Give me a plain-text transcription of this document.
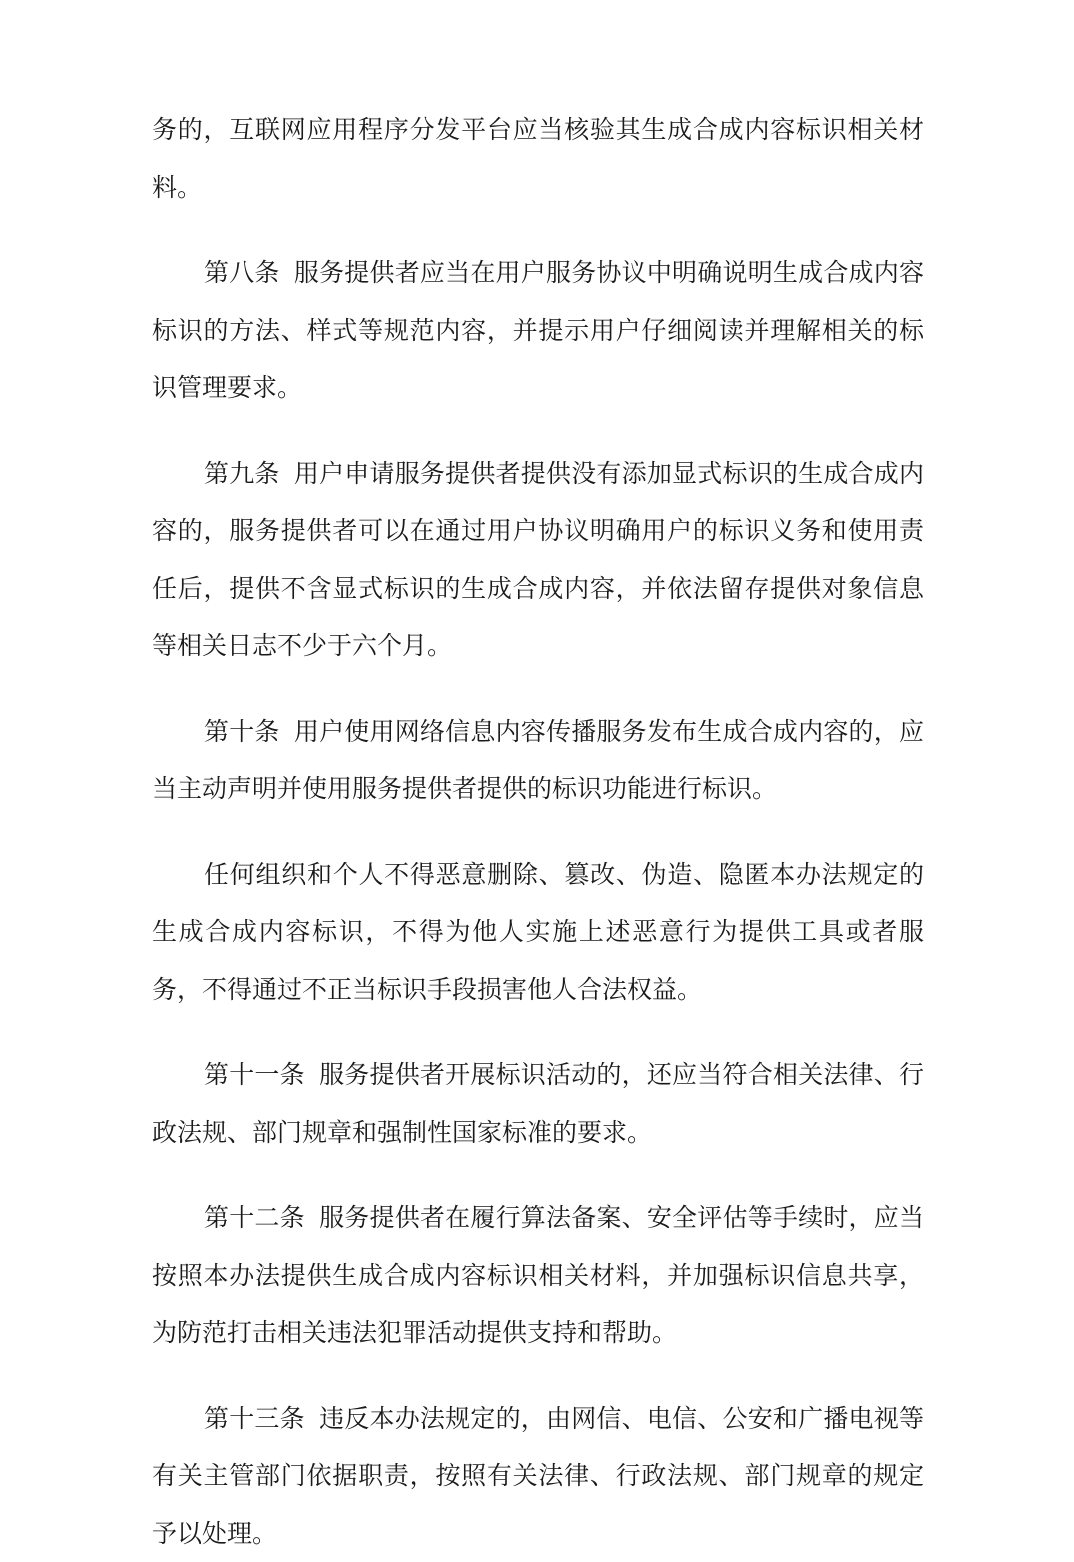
务的，互联网应用程序分发平台应当核验其生成合成内容标识相关材料。

第八条 服务提供者应当在用户服务协议中明确说明生成合成内容标识的方法、样式等规范内容，并提示用户仔细阅读并理解相关的标识管理要求。

第九条 用户申请服务提供者提供没有添加显式标识的生成合成内容的，服务提供者可以在通过用户协议明确用户的标识义务和使用责任后，提供不含显式标识的生成合成内容，并依法留存提供对象信息等相关日志不少于六个月。

第十条 用户使用网络信息内容传播服务发布生成合成内容的，应当主动声明并使用服务提供者提供的标识功能进行标识。

任何组织和个人不得恶意删除、篡改、伪造、隐匿本办法规定的生成合成内容标识，不得为他人实施上述恶意行为提供工具或者服务，不得通过不正当标识手段损害他人合法权益。

第十一条 服务提供者开展标识活动的，还应当符合相关法律、行政法规、部门规章和强制性国家标准的要求。

第十二条 服务提供者在履行算法备案、安全评估等手续时，应当按照本办法提供生成合成内容标识相关材料，并加强标识信息共享，为防范打击相关违法犯罪活动提供支持和帮助。

第十三条 违反本办法规定的，由网信、电信、公安和广播电视等有关主管部门依据职责，按照有关法律、行政法规、部门规章的规定予以处理。
